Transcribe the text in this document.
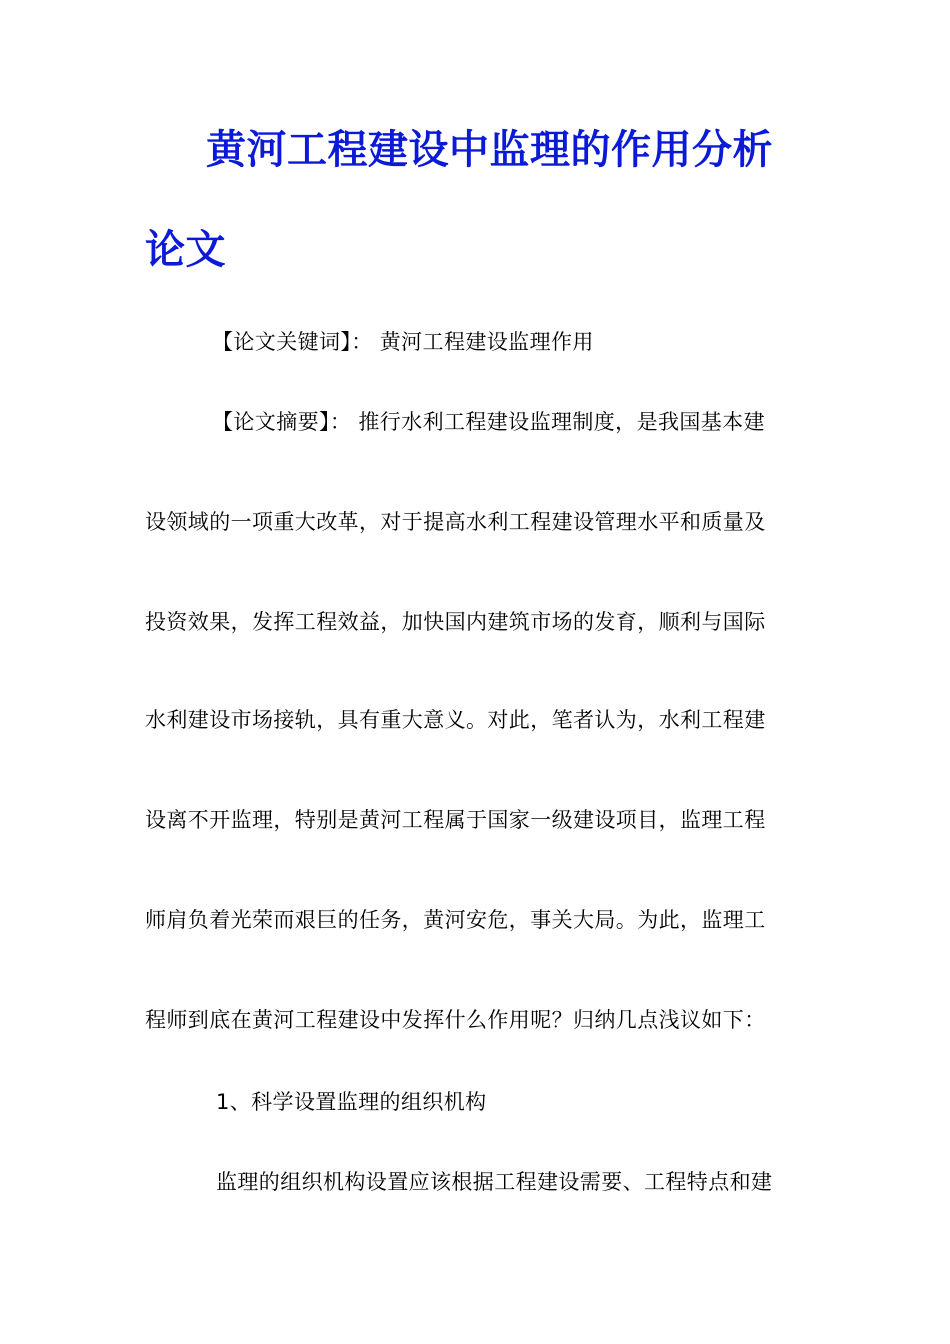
黄河工程建设中监理的作用分析
论文
【论文关键词】： 黄河工程建设监理作用
【论文摘要】： 推行水利工程建设监理制度，是我国基本建
设领域的一项重大改革，对于提高水利工程建设管理水平和质量及
投资效果，发挥工程效益，加快国内建筑市场的发育，顺利与国际
水利建设市场接轨，具有重大意义。对此，笔者认为，水利工程建
设离不开监理，特别是黄河工程属于国家一级建设项目，监理工程
师肩负着光荣而艰巨的任务，黄河安危，事关大局。为此，监理工
程师到底在黄河工程建设中发挥什么作用呢？归纳几点浅议如下：
1、科学设置监理的组织机构
监理的组织机构设置应该根据工程建设需要、工程特点和建
